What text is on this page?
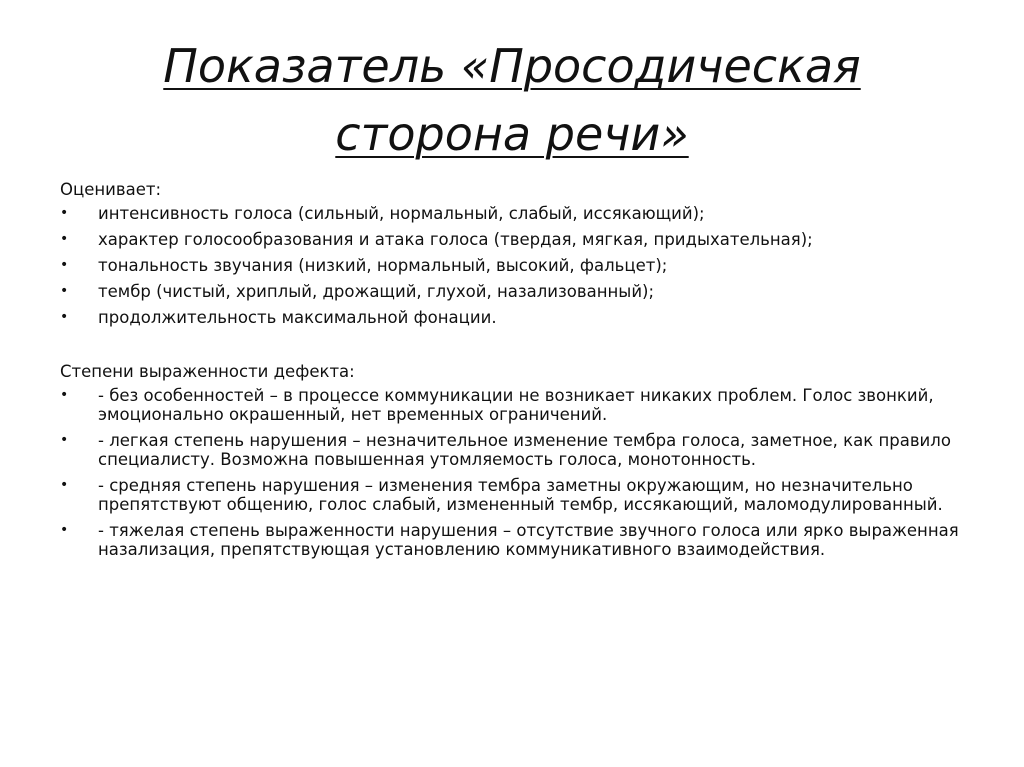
Показатель «Просодическая
сторона речи»

Оценивает:

• интенсивность голоса (сильный, нормальный, слабый, иссякающий);
• характер голосообразования и атака голоса (твердая, мягкая, придыхательная);
• тональность звучания (низкий, нормальный, высокий, фальцет);
• тембр (чистый, хриплый, дрожащий, глухой, назализованный);
• продолжительность максимальной фонации.

Степени выраженности дефекта:

• - без особенностей – в процессе коммуникации не возникает никаких проблем. Голос звонкий, эмоционально окрашенный, нет временных ограничений.
• - легкая степень нарушения – незначительное изменение тембра голоса, заметное, как правило специалисту. Возможна повышенная утомляемость голоса, монотонность.
• - средняя степень нарушения – изменения тембра заметны окружающим, но незначительно препятствуют общению, голос слабый, измененный тембр, иссякающий, маломодулированный.
• - тяжелая степень выраженности нарушения – отсутствие звучного голоса или ярко выраженная назализация, препятствующая установлению коммуникативного взаимодействия.
